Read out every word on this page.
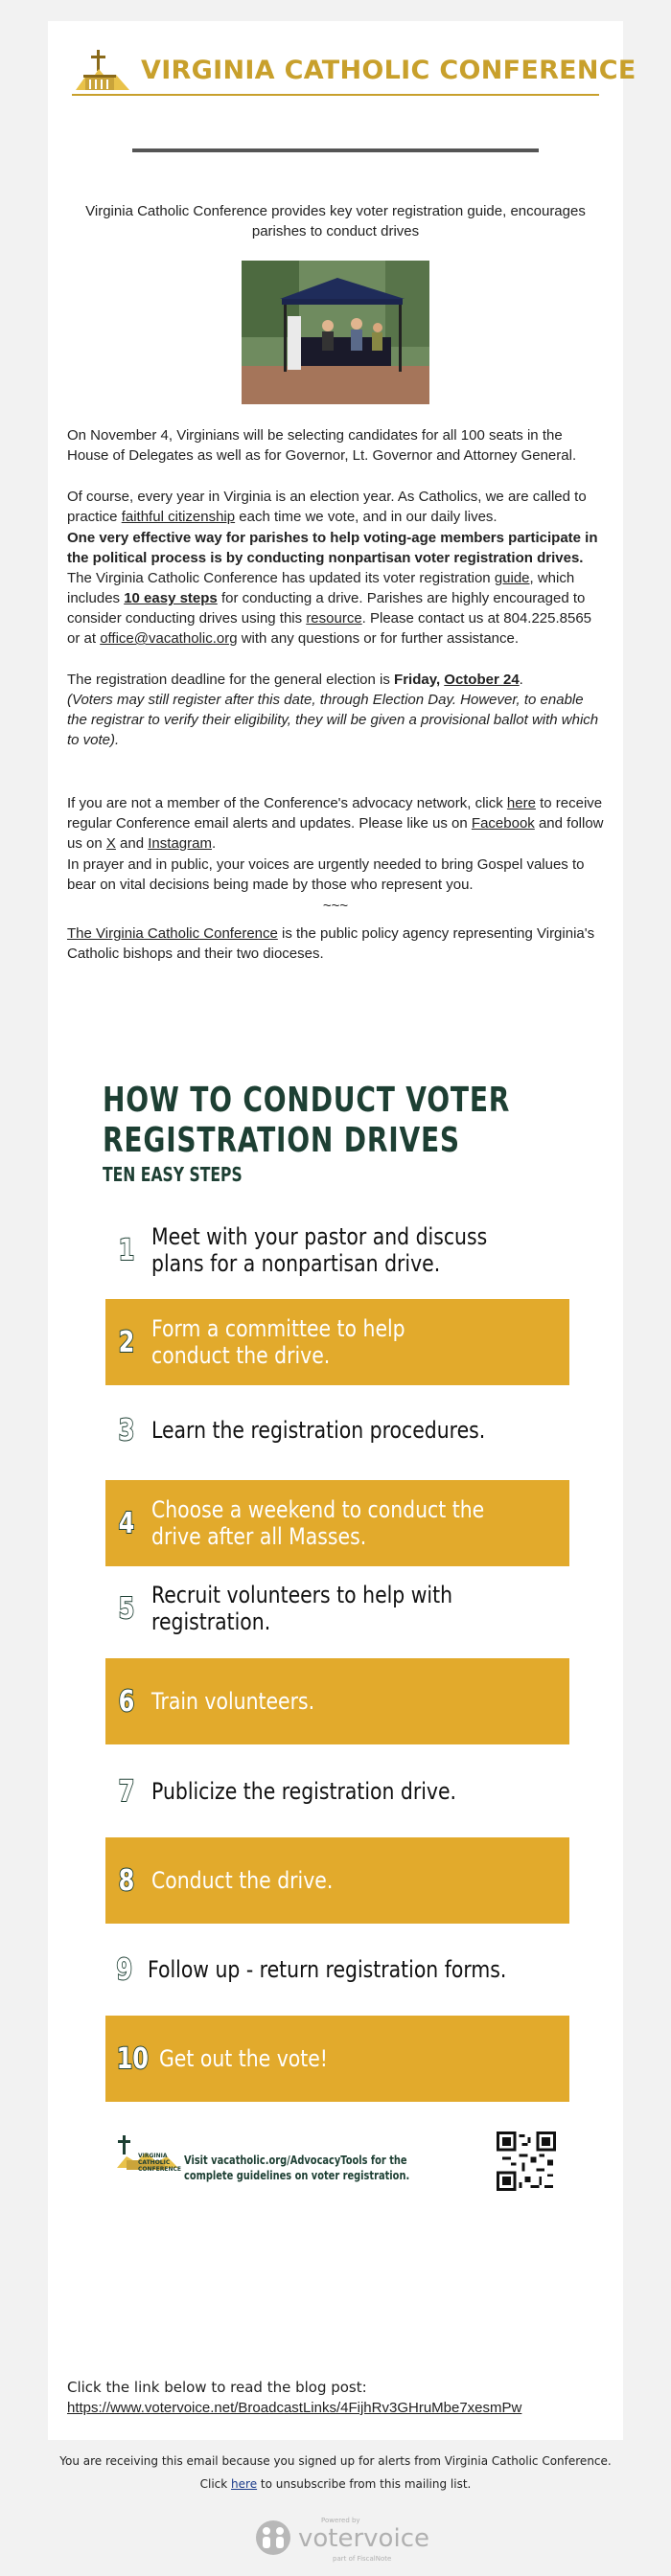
VIRGINIA CATHOLIC CONFERENCE
Virginia Catholic Conference provides key voter registration guide, encourages parishes to conduct drives
On November 4, Virginians will be selecting candidates for all 100 seats in the House of Delegates as well as for Governor, Lt. Governor and Attorney General.
Of course, every year in Virginia is an election year. As Catholics, we are called to practice faithful citizenship each time we vote, and in our daily lives.
One very effective way for parishes to help voting-age members participate in the political process is by conducting nonpartisan voter registration drives. The Virginia Catholic Conference has updated its voter registration guide, which includes 10 easy steps for conducting a drive. Parishes are highly encouraged to consider conducting drives using this resource. Please contact us at 804.225.8565 or at office@vacatholic.org with any questions or for further assistance.
The registration deadline for the general election is Friday, October 24.
(Voters may still register after this date, through Election Day. However, to enable the registrar to verify their eligibility, they will be given a provisional ballot with which to vote).
If you are not a member of the Conference's advocacy network, click here to receive regular Conference email alerts and updates. Please like us on Facebook and follow us on X and Instagram.
In prayer and in public, your voices are urgently needed to bring Gospel values to bear on vital decisions being made by those who represent you.
~~~
The Virginia Catholic Conference is the public policy agency representing Virginia's Catholic bishops and their two dioceses.
HOW TO CONDUCT VOTER
REGISTRATION DRIVES
TEN EASY STEPS
1 Meet with your pastor and discuss
plans for a nonpartisan drive.
2 Form a committee to help
conduct the drive.
3 Learn the registration procedures.
4 Choose a weekend to conduct the
drive after all Masses.
5 Recruit volunteers to help with
registration.
6 Train volunteers.
7 Publicize the registration drive.
8 Conduct the drive.
9 Follow up - return registration forms.
10 Get out the vote!
VIRGINIA
CATHOLIC
CONFERENCE
Visit vacatholic.org/AdvocacyTools for the
complete guidelines on voter registration.
Click the link below to read the blog post:
https://www.votervoice.net/BroadcastLinks/4FijhRv3GHruMbe7xesmPw
You are receiving this email because you signed up for alerts from Virginia Catholic Conference.
Click here to unsubscribe from this mailing list.
Powered by
votervoice
part of FiscalNote
